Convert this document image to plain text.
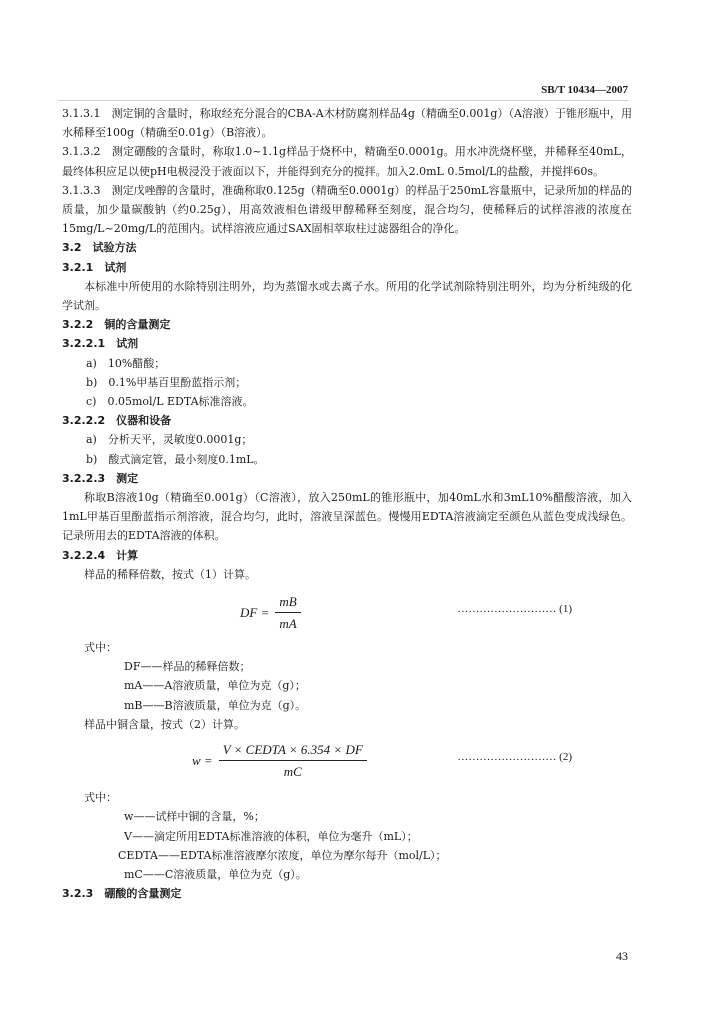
SB/T 10434—2007

3.1.3.1　测定铜的含量时，称取经充分混合的CBA-A木材防腐剂样品4g（精确至0.001g）（A溶液）于锥形瓶中，用水稀释至100g（精确至0.01g）（B溶液）。

3.1.3.2　测定硼酸的含量时，称取1.0~1.1g样品于烧杯中，精确至0.0001g。用水冲洗烧杯壁，并稀释至40mL，最终体积应足以使pH电极浸没于液面以下，并能得到充分的搅拌。加入2.0mL 0.5mol/L的盐酸，并搅拌60s。

3.1.3.3　测定戊唑醇的含量时，准确称取0.125g（精确至0.0001g）的样品于250mL容量瓶中，记录所加的样品的质量，加少量碳酸钠（约0.25g），用高效液相色谱级甲醇稀释至刻度，混合均匀，使稀释后的试样溶液的浓度在15mg/L~20mg/L的范围内。试样溶液应通过SAX固相萃取柱过滤器组合的净化。

3.2　试验方法

3.2.1　试剂

本标准中所使用的水除特别注明外，均为蒸馏水或去离子水。所用的化学试剂除特别注明外，均为分析纯级的化学试剂。

3.2.2　铜的含量测定

3.2.2.1　试剂

a)　10%醋酸；

b)　0.1%甲基百里酚蓝指示剂；

c)　0.05mol/L EDTA标准溶液。

3.2.2.2　仪器和设备

a)　分析天平，灵敏度0.0001g；

b)　酸式滴定管，最小刻度0.1mL。

3.2.2.3　测定

称取B溶液10g（精确至0.001g）（C溶液），放入250mL的锥形瓶中，加40mL水和3mL10%醋酸溶液，加入1mL甲基百里酚蓝指示剂溶液，混合均匀，此时，溶液呈深蓝色。慢慢用EDTA溶液滴定至颜色从蓝色变成浅绿色。记录所用去的EDTA溶液的体积。

3.2.2.4　计算

样品的稀释倍数，按式（1）计算。

DF = $\frac{mB}{mA}$	……………………… (1)

式中：

DF——样品的稀释倍数；

mA——A溶液质量，单位为克（g）；

mB——B溶液质量，单位为克（g）。

样品中铜含量，按式（2）计算。

$w = \frac{\text{V × CEDTA × 6.354 × DF}}{mC}$	……………………… (2)

式中：

w——试样中铜的含量，%；

V——滴定所用EDTA标准溶液的体积，单位为毫升（mL）；

CEDTA——EDTA标准溶液摩尔浓度，单位为摩尔每升（mol/L）；

mC——C溶液质量，单位为克（g）。

3.2.3　硼酸的含量测定

43
